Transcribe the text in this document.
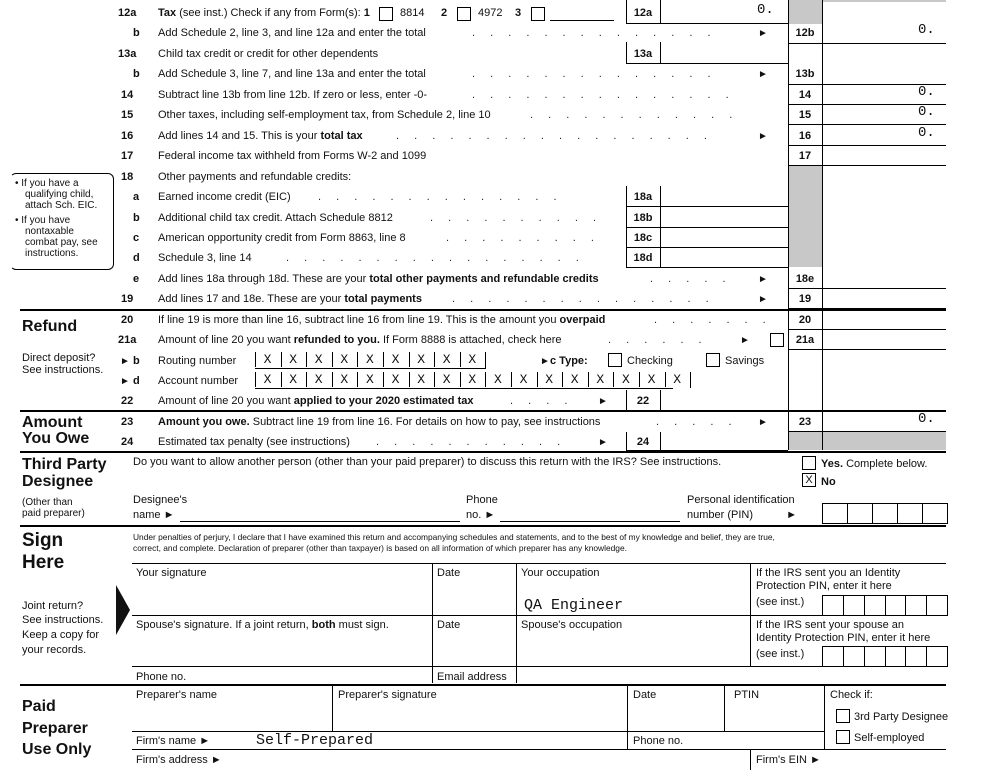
12a Tax (see inst.) Check if any from Form(s): 1	8814 2	4972 3	12a	0.
b Add Schedule 2, line 3, and line 12a and enter the total	. . . . . . . . . . . . . .	►	12b	0.
13a Child tax credit or credit for other dependents	13a
b Add Schedule 3, line 7, and line 13a and enter the total	. . . . . . . . . . . . . .	►	13b
14 Subtract line 13b from line 12b. If zero or less, enter -0-	. . . . . . . . . . . . . . .	14	0.
15 Other taxes, including self-employment tax, from Schedule 2, line 10	. . . . . . . . . . . .	15	0.
16 Add lines 14 and 15. This is your total tax	. . . . . . . . . . . . . . . . . .	►	16	0.
17 Federal income tax withheld from Forms W-2 and 1099	17
• If you have a
qualifying child,
attach Sch. EIC.
• If you have
nontaxable
combat pay, see
instructions.
18 Other payments and refundable credits:
a Earned income credit (EIC) . . . . . . . . . . . . . .	18a
b Additional child tax credit. Attach Schedule 8812	. . . . . . . . . .	18b
c American opportunity credit from Form 8863, line 8	. . . . . . . . .	18c
d Schedule 3, line 14	. . . . . . . . . . . . . . . . .	18d
e Add lines 18a through 18d. These are your total other payments and refundable credits	. . . . .	►	18e
19 Add lines 17 and 18e. These are your total payments	. . . . . . . . . . . . . . .	►	19
Refund	20 If line 19 is more than line 16, subtract line 16 from line 19. This is the amount you overpaid	. . . . . . .	20
21a Amount of line 20 you want refunded to you. If Form 8888 is attached, check here	. . . . . .	►	21a
Direct deposit?
See instructions.
► b Routing number	X	X	X	X	X	X	X	X	X	► c Type:	Checking	Savings
► d Account number	X	X	X	X	X	X	X	X	X	X	X	X	X	X	X	X	X
22 Amount of line 20 you want applied to your 2020 estimated tax	. . . .	►	22
Amount
You Owe
23 Amount you owe. Subtract line 19 from line 16. For details on how to pay, see instructions	. . . . .	►	23	0.
24 Estimated tax penalty (see instructions) . . . . . . . . . . .	►	24
Third Party
Designee
(Other than
paid preparer)
Do you want to allow another person (other than your paid preparer) to discuss this return with the IRS? See instructions.	Yes. Complete below.
X No
Designee's
name ►
Phone
no. ►
Personal identification
number (PIN)	►
Sign
Here
Under penalties of perjury, I declare that I have examined this return and accompanying schedules and statements, and to the best of my knowledge and belief, they are true,
correct, and complete. Declaration of preparer (other than taxpayer) is based on all information of which preparer has any knowledge.
Joint return?
See instructions.
Keep a copy for
your records.
Your signature	Date	Your occupation
QA Engineer
If the IRS sent you an Identity
Protection PIN, enter it here
(see inst.)
Spouse's signature. If a joint return, both must sign.	Date	Spouse's occupation	If the IRS sent your spouse an
Identity Protection PIN, enter it here
(see inst.)
Phone no.	Email address
Paid
Preparer
Use Only
Preparer's name	Preparer's signature	Date	PTIN	Check if:
3rd Party Designee
Self-employed
Firm's name ►	Self-Prepared	Phone no.
Firm's address ►	Firm's EIN ►
